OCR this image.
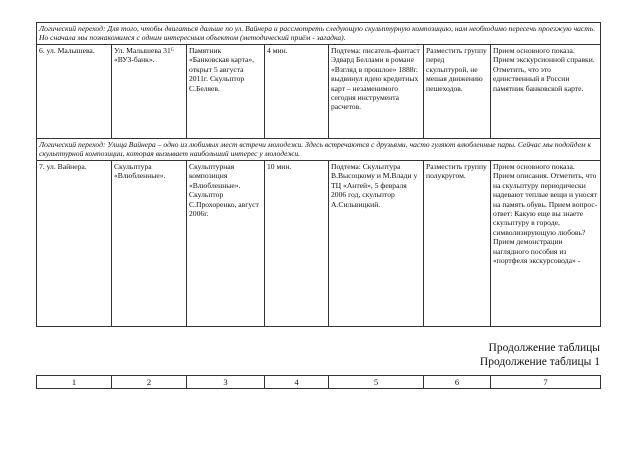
Логический переход: Для того, чтобы двигаться дальше по ул. Вайнера и рассмотреть следующую скульптурную композицию, нам необходимо пересечь проезжую часть. Но сначала мы познакомимся с одним интересным объектом (методический приём - загадка).						
6. ул. Малышева.	Ул. Малышева 31ᴳ «ВУЗ-банк».	Памятник «Банковская карта», открыт 5 августа 2011г. Скульптор С.Беляев.	4 мин.	Подтема: писатель-фантаст Эдвард Беллами в романе «Взгляд в прошлое» 1888г. выдвинул идею кредитных карт – незаменимого сегодня инструмента расчетов.	Разместить группу перед скульптурой, не мешая движению пешеходов.	Прием основного показа. Прием экскурсионной справки. Отметить, что это единственный в России памятник банковской карте.
Логический переход: Улица Вайнера – одно из любимых мест встречи молодежи. Здесь встречаются с друзьями, часто гуляют влюбленные пары. Сейчас мы подойдем к скульптурной композиции, которая вызывает наибольший интерес у молодежи.						
7. ул. Вайнера.	Скульптура «Влюбленные».	Скульптурная композиция «Влюбленные». Скульптор С.Прохоренко, август 2006г.	10 мин.	Подтема: Скульптура В.Высоцкому и М.Влади у ТЦ «Антей», 5 февраля 2006 год, скульптор А.Сильвицкий.	Разместить группу полукругом.	Прием основного показа. Прием описания. Отметить, что на скульптуру периодически надевают теплые вещи и уносят на память обувь. Прием вопрос-ответ: Какую еще вы знаете скульптуру в городе, символизирующую любовь? Прием демонстрации наглядного пособия из «портфеля экскурсовода» -
Продолжение таблицы
Продолжение таблицы 1
1	2	3	4	5	6	7
